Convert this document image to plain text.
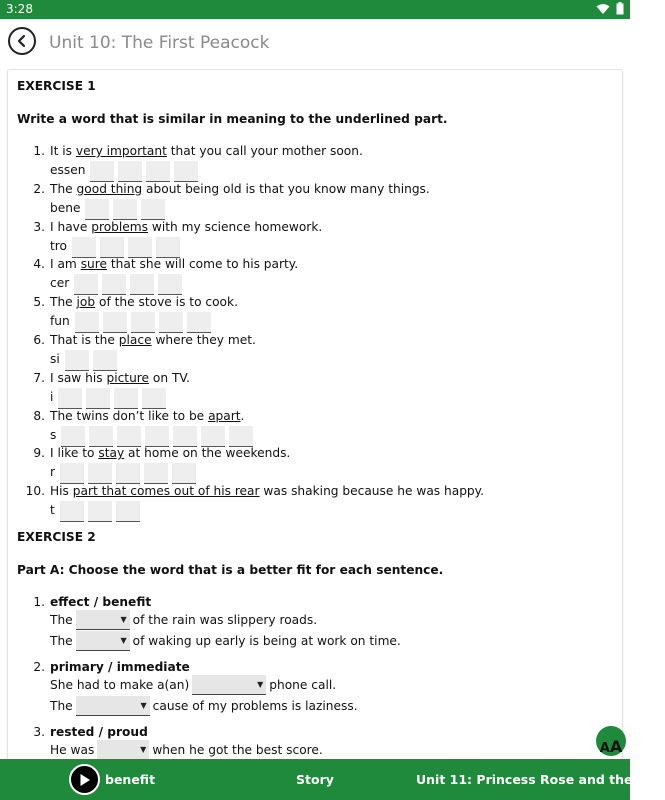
3:28
Unit 10: The First Peacock
EXERCISE 1
Write a word that is similar in meaning to the underlined part.
1. It is very important that you call your mother soon.
essen
2. The good thing about being old is that you know many things.
bene
3. I have problems with my science homework.
tro
4. I am sure that she will come to his party.
cer
5. The job of the stove is to cook.
fun
6. That is the place where they met.
si
7. I saw his picture on TV.
i
8. The twins don’t like to be apart.
s
9. I like to stay at home on the weekends.
r
10. His part that comes out of his rear was shaking because he was happy.
t
EXERCISE 2
Part A: Choose the word that is a better fit for each sentence.
1. effect / benefit
The	▼ of the rain was slippery roads.
The	▼ of waking up early is being at work on time.
2. primary / immediate
She had to make a(an)	▼ phone call.
The	▼ cause of my problems is laziness.
3. rested / proud
He was	▼ when he got the best score.	A A
benefit	Story	Unit 11: Princess Rose and the Cr...
